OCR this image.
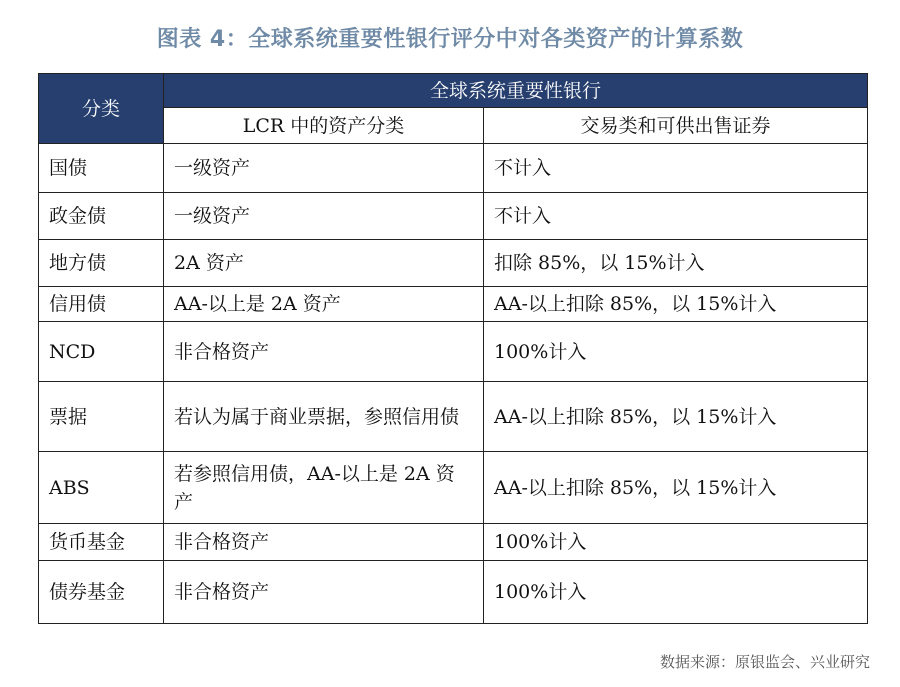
图表 4：全球系统重要性银行评分中对各类资产的计算系数
分类	全球系统重要性银行	
	LCR 中的资产分类	交易类和可供出售证券
国债	一级资产	不计入
政金债	一级资产	不计入
地方债	2A 资产	扣除 85%，以 15%计入
信用债	AA-以上是 2A 资产	AA-以上扣除 85%，以 15%计入
NCD	非合格资产	100%计入
票据	若认为属于商业票据，参照信用债	AA-以上扣除 85%，以 15%计入
ABS	若参照信用债，AA-以上是 2A 资产	AA-以上扣除 85%，以 15%计入
货币基金	非合格资产	100%计入
债券基金	非合格资产	100%计入
数据来源：原银监会、兴业研究
